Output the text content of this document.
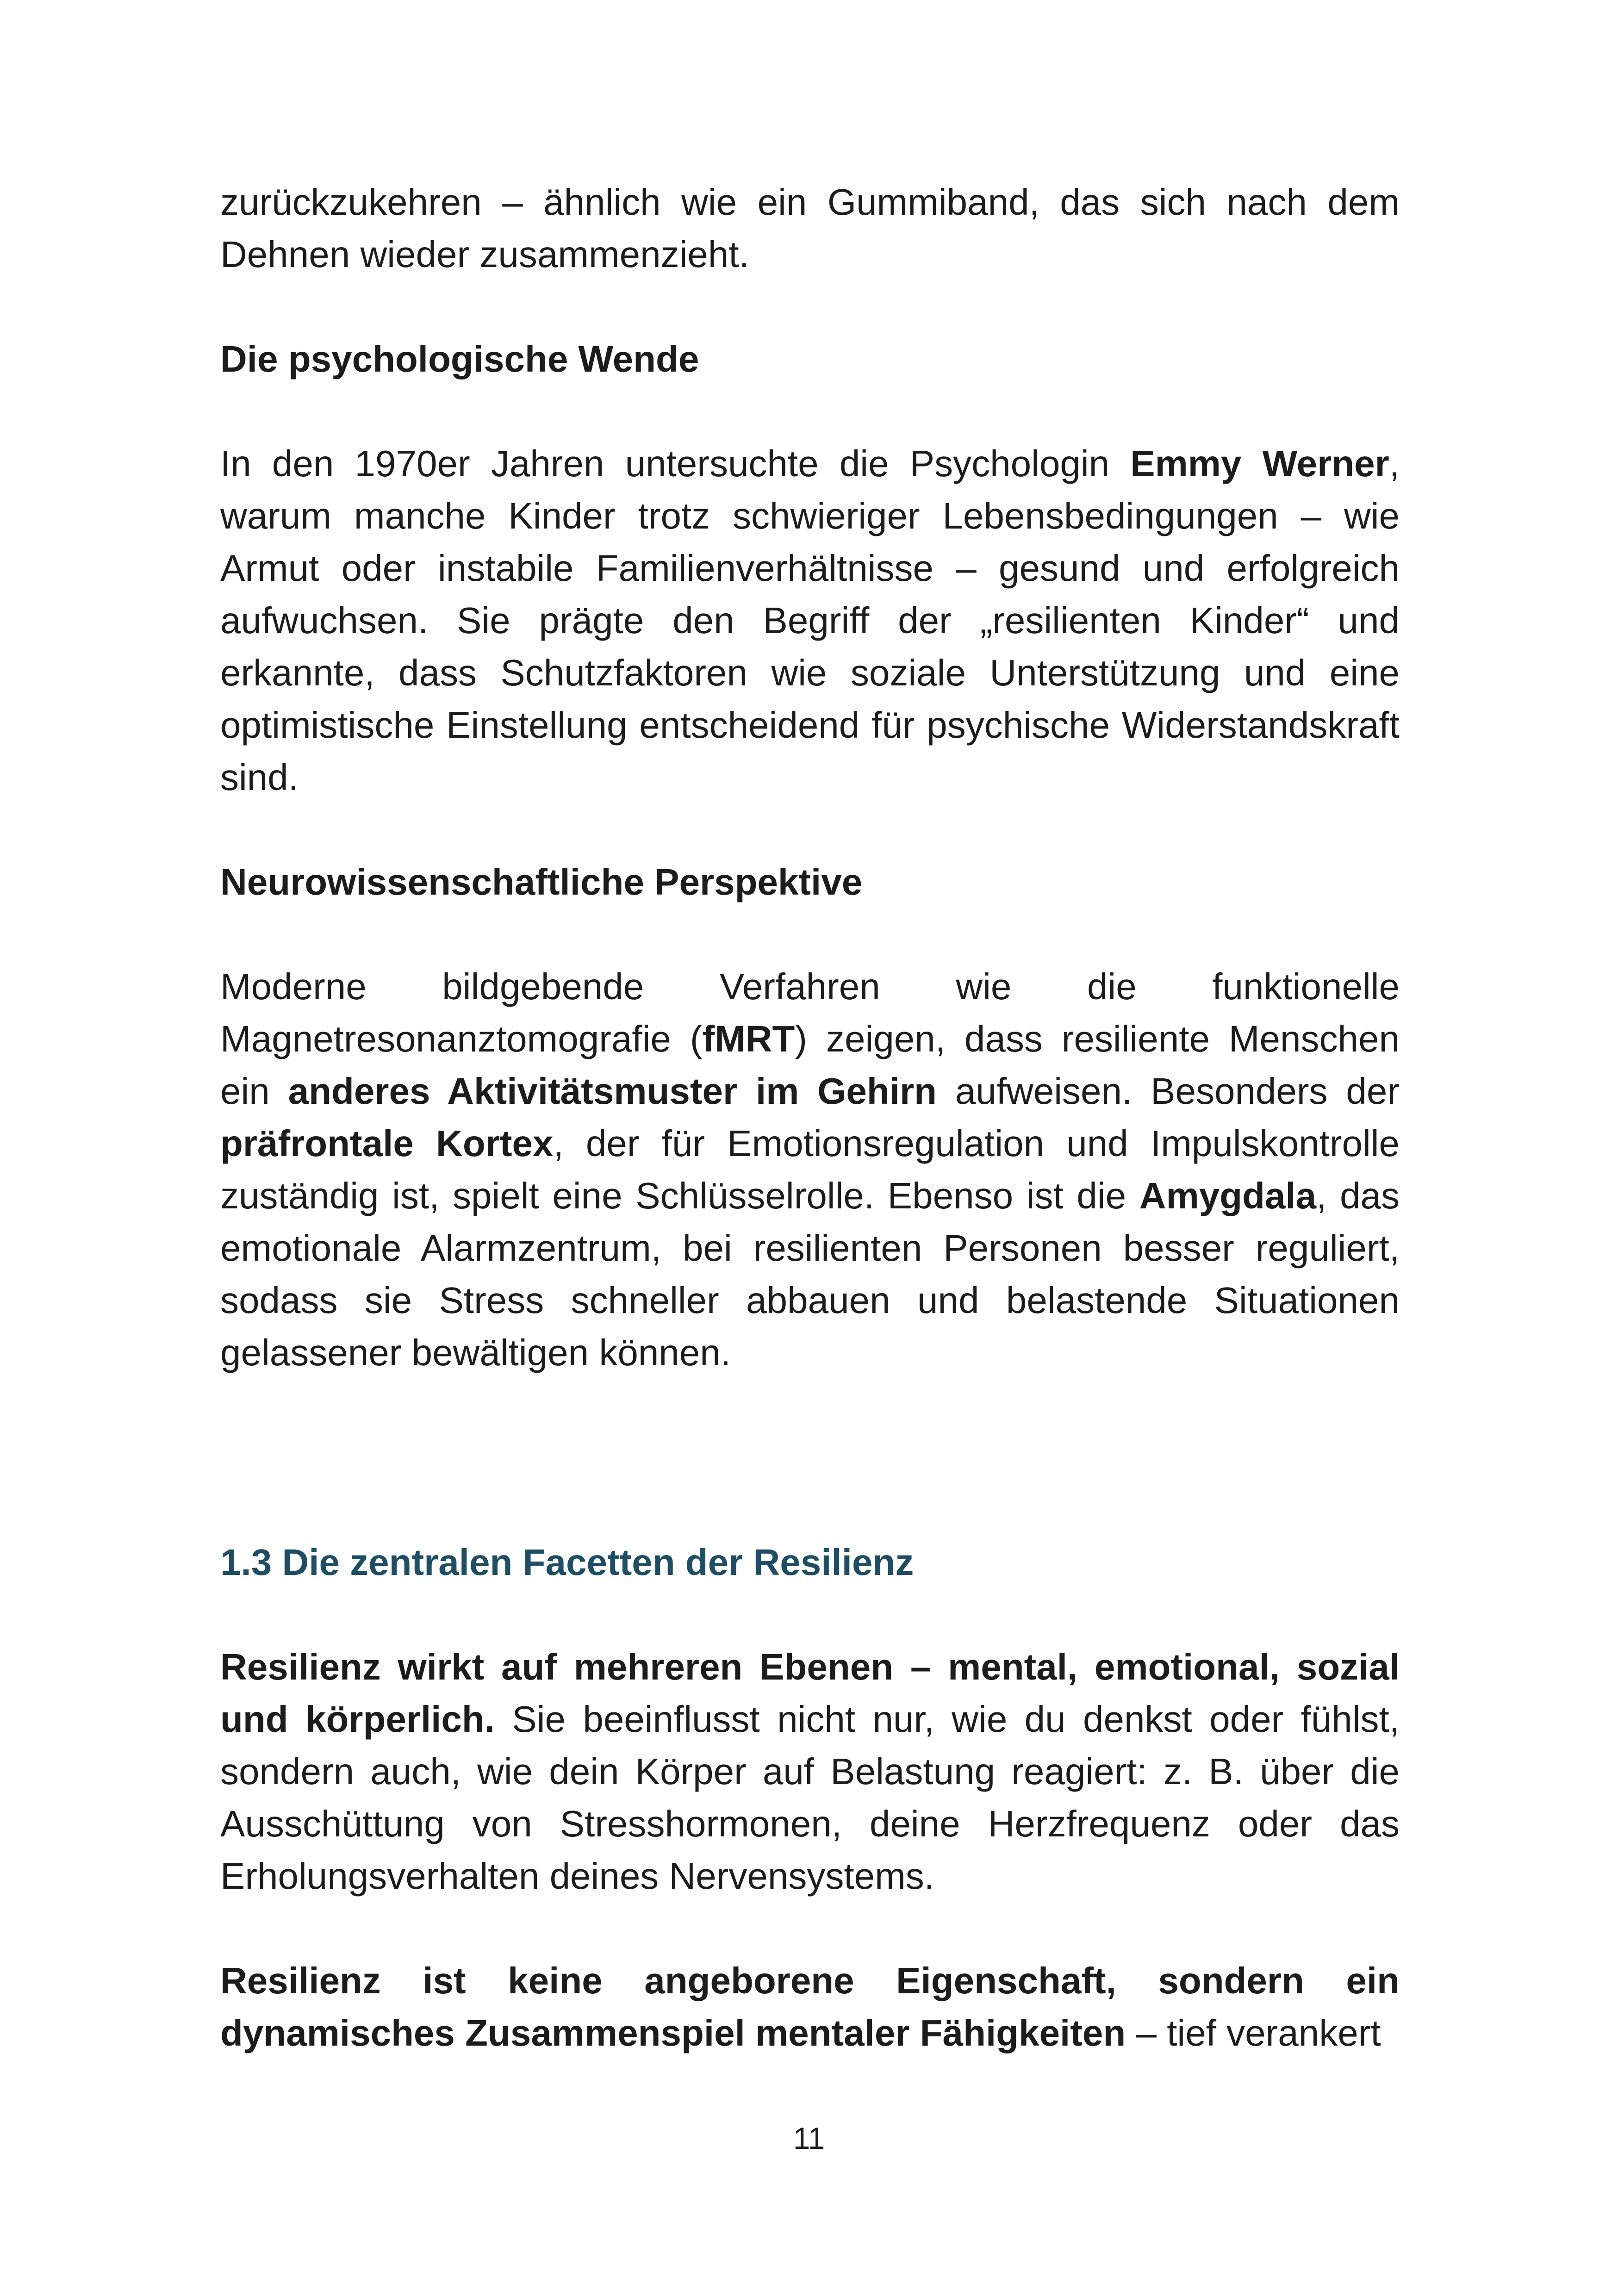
zurückzukehren – ähnlich wie ein Gummiband, das sich nach dem Dehnen wieder zusammenzieht.

Die psychologische Wende

In den 1970er Jahren untersuchte die Psychologin Emmy Werner, warum manche Kinder trotz schwieriger Lebensbedingungen – wie Armut oder instabile Familienverhältnisse – gesund und erfolgreich aufwuchsen. Sie prägte den Begriff der „resilienten Kinder“ und erkannte, dass Schutzfaktoren wie soziale Unterstützung und eine optimistische Einstellung entscheidend für psychische Widerstandskraft sind.

Neurowissenschaftliche Perspektive

Moderne bildgebende Verfahren wie die funktionelle Magnetresonanztomografie (fMRT) zeigen, dass resiliente Menschen ein anderes Aktivitätsmuster im Gehirn aufweisen. Besonders der präfrontale Kortex, der für Emotionsregulation und Impulskontrolle zuständig ist, spielt eine Schlüsselrolle. Ebenso ist die Amygdala, das emotionale Alarmzentrum, bei resilienten Personen besser reguliert, sodass sie Stress schneller abbauen und belastende Situationen gelassener bewältigen können.

1.3 Die zentralen Facetten der Resilienz

Resilienz wirkt auf mehreren Ebenen – mental, emotional, sozial und körperlich. Sie beeinflusst nicht nur, wie du denkst oder fühlst, sondern auch, wie dein Körper auf Belastung reagiert: z. B. über die Ausschüttung von Stresshormonen, deine Herzfrequenz oder das Erholungsverhalten deines Nervensystems.

Resilienz ist keine angeborene Eigenschaft, sondern ein dynamisches Zusammenspiel mentaler Fähigkeiten – tief verankert

11
